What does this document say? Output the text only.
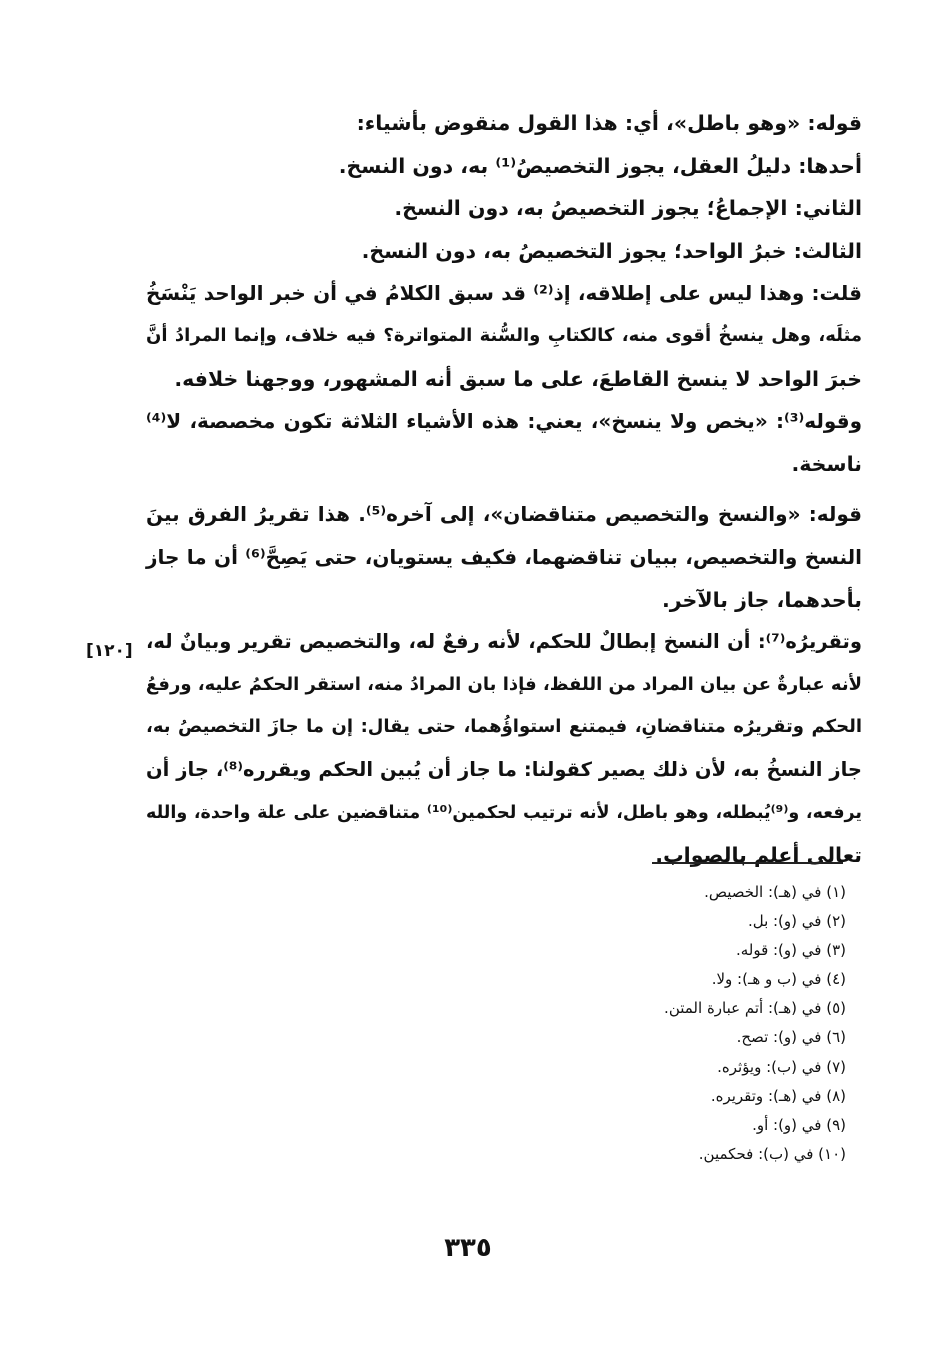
قوله: «وهو باطل»، أي: هذا القول منقوض بأشياء:
أحدها: دليلُ العقل، يجوز التخصيصُ⁽¹⁾ به، دون النسخ.
الثاني: الإجماعُ؛ يجوز التخصيصُ به، دون النسخ.
الثالث: خبرُ الواحد؛ يجوز التخصيصُ به، دون النسخ.
قلت: وهذا ليس على إطلاقه، إذ⁽²⁾ قد سبق الكلامُ في أن خبر الواحد يَنْسَخُ
مثلَه، وهل ينسخُ أقوى منه، كالكتابِ والسُّنة المتواترة؟ فيه خلاف، وإنما المرادُ أنَّ
خبرَ الواحد لا ينسخ القاطعَ، على ما سبق أنه المشهور، ووجهنا خلافه.
وقوله⁽³⁾: «يخص ولا ينسخ»، يعني: هذه الأشياء الثلاثة تكون مخصصة، لا⁽⁴⁾
ناسخة.
قوله: «والنسخ والتخصيص متناقضان»، إلى آخره⁽⁵⁾. هذا تقريرُ الفرق بينَ
النسخ والتخصيص، ببيان تناقضهما، فكيف يستويان، حتى يَصِحَّ⁽⁶⁾ أن ما جاز
بأحدهما، جاز بالآخر.
وتقريرُه⁽⁷⁾: أن النسخ إبطالٌ للحكم، لأنه رفعٌ له، والتخصيص تقرير وبيانٌ له،
لأنه عبارةٌ عن بيان المراد من اللفظ، فإذا بان المرادُ منه، استقر الحكمُ عليه، ورفعُ
الحكم وتقريرُه متناقضانِ، فيمتنع استواؤُهما، حتى يقال: إن ما جازَ التخصيصُ به،
جاز النسخُ به، لأن ذلك يصير كقولنا: ما جاز أن يُبين الحكم ويقرره⁽⁸⁾، جاز أن
يرفعه، و⁽⁹⁾يُبطله، وهو باطل، لأنه ترتيب لحكمين⁽¹⁰⁾ متناقضين على علة واحدة، والله
تعالى أعلم بالصواب.
[١٢٠]
(١) في (هـ): الخصيص.
(٢) في (و): بل.
(٣) في (و): قوله.
(٤) في (ب و هـ): ولا.
(٥) في (هـ): أتم عبارة المتن.
(٦) في (و): تصح.
(٧) في (ب): ويؤثره.
(٨) في (هـ): وتقريره.
(٩) في (و): أو.
(١٠) في (ب): فحكمين.
٣٣٥
